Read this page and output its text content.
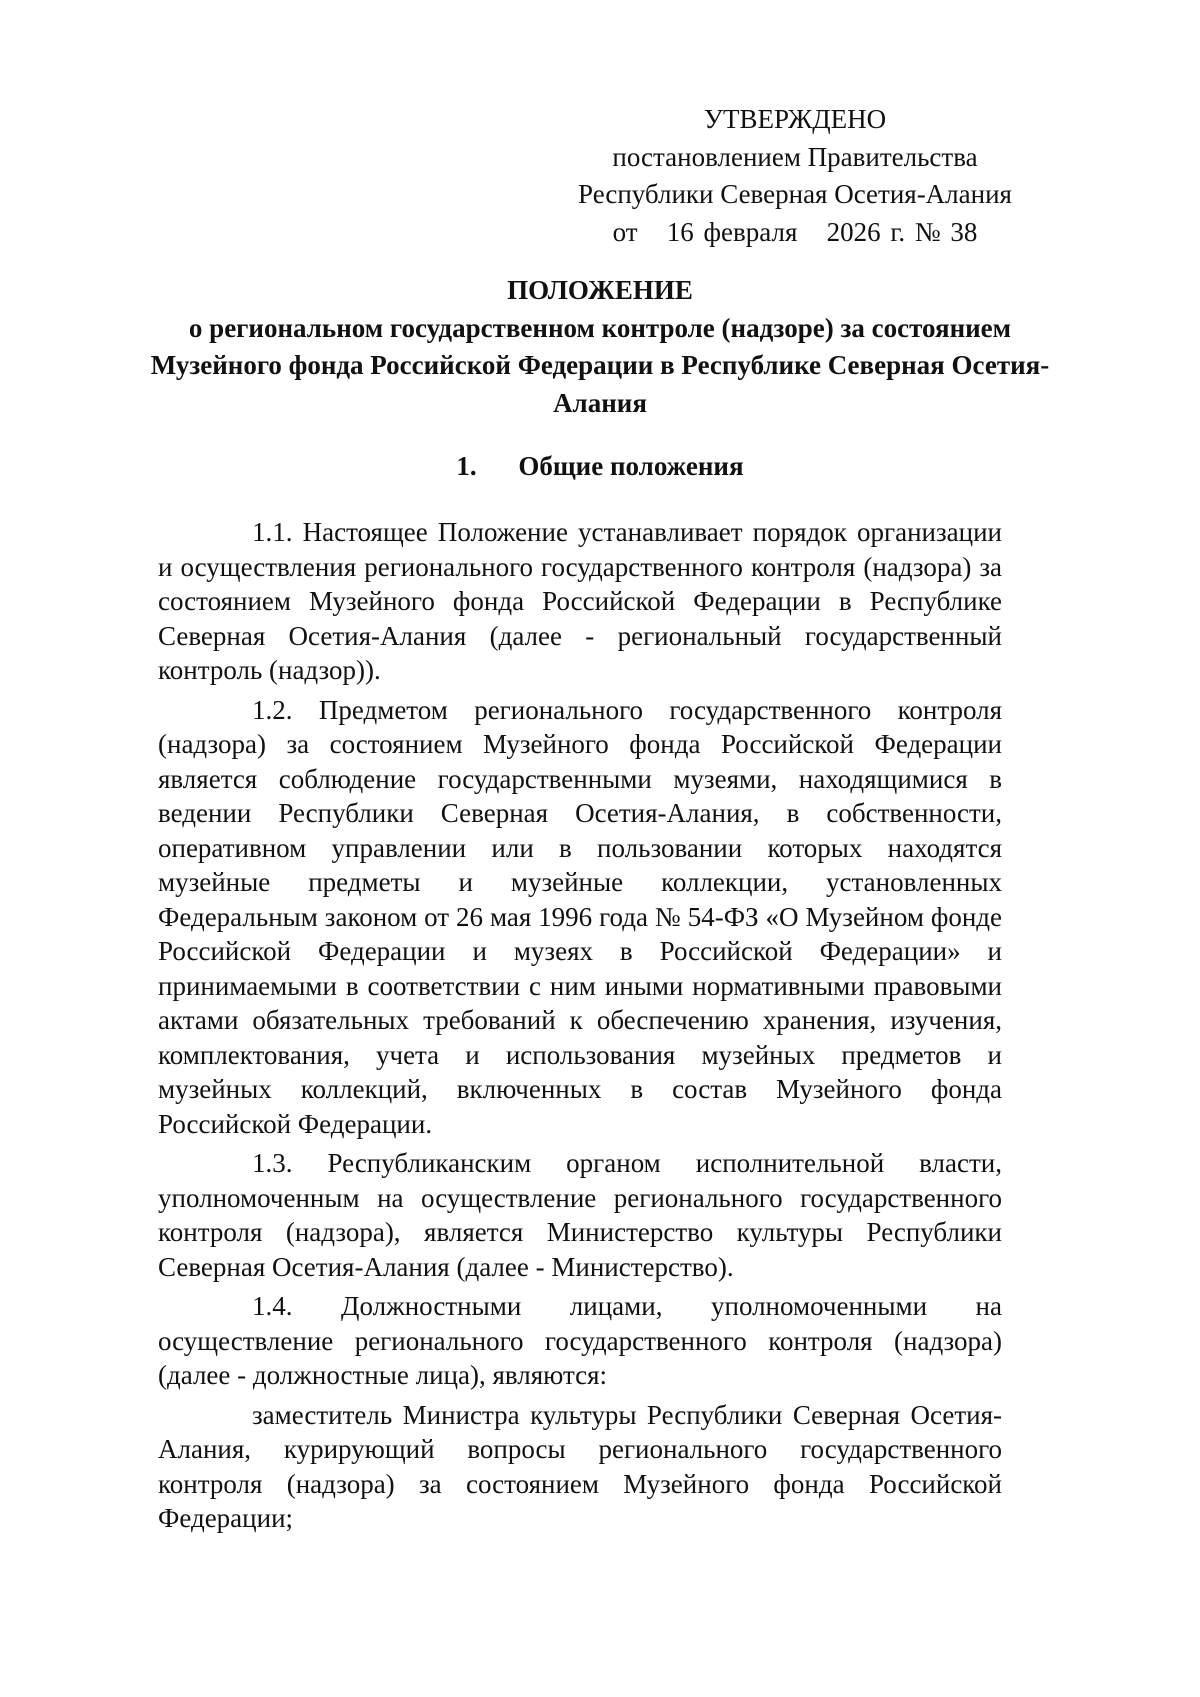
УТВЕРЖДЕНО
постановлением Правительства
Республики Северная Осетия-Алания
от   16 февраля   2026 г. № 38
ПОЛОЖЕНИЕ
о региональном государственном контроле (надзоре) за состоянием Музейного фонда Российской Федерации в Республике Северная Осетия-Алания
1. Общие положения

1.1. Настоящее Положение устанавливает порядок организации и осуществления регионального государственного контроля (надзора) за состоянием Музейного фонда Российской Федерации в Республике Северная Осетия-Алания (далее - региональный государственный контроль (надзор)).

1.2. Предметом регионального государственного контроля (надзора) за состоянием Музейного фонда Российской Федерации является соблюдение государственными музеями, находящимися в ведении Республики Северная Осетия-Алания, в собственности, оперативном управлении или в пользовании которых находятся музейные предметы и музейные коллекции, установленных Федеральным законом от 26 мая 1996 года № 54-ФЗ «О Музейном фонде Российской Федерации и музеях в Российской Федерации» и принимаемыми в соответствии с ним иными нормативными правовыми актами обязательных требований к обеспечению хранения, изучения, комплектования, учета и использования музейных предметов и музейных коллекций, включенных в состав Музейного фонда Российской Федерации.

1.3. Республиканским органом исполнительной власти, уполномоченным на осуществление регионального государственного контроля (надзора), является Министерство культуры Республики Северная Осетия-Алания (далее - Министерство).

1.4. Должностными лицами, уполномоченными на осуществление регионального государственного контроля (надзора) (далее - должностные лица), являются:

заместитель Министра культуры Республики Северная Осетия-Алания, курирующий вопросы регионального государственного контроля (надзора) за состоянием Музейного фонда Российской Федерации;
